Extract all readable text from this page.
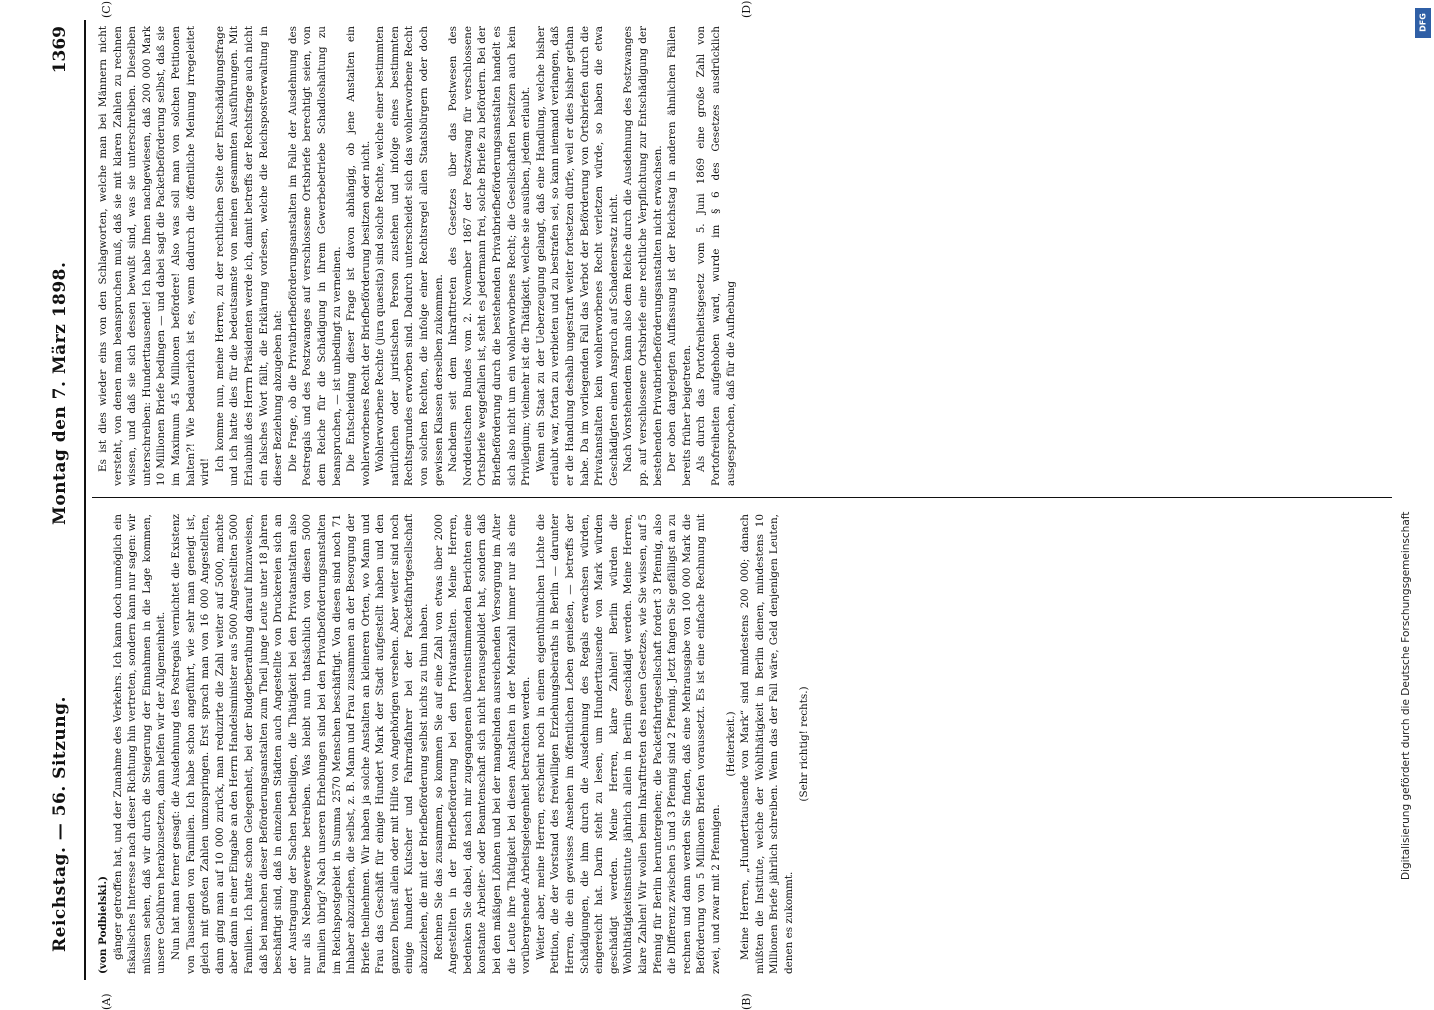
Reichstag. — 56. Sitzung.
Montag den 7. März 1898.
1369
(A)	(B)
(C)	(D)

(von Podbielski.) gänger getroffen hat, und der Zunahme des Verkehrs. Ich kann doch unmöglich ein fiskalisches Interesse nach dieser Richtung hin vertreten, sondern kann nur sagen: wir müssen sehen, daß wir durch die Steigerung der Einnahmen in die Lage kommen, unsere Gebühren herabzusetzen, dann helfen wir der Allgemeinheit. Nun hat man ferner gesagt: die Ausdehnung des Postregals vernichtet die Existenz von Tausenden von Familien. Ich habe schon angeführt, wie sehr man geneigt ist, gleich mit großen Zahlen umzuspringen. Erst sprach man von 16 000 Angestellten, dann ging man auf 10 000 zurück, man reduzirte die Zahl weiter auf 5000, machte aber dann in einer Eingabe an den Herrn Handelsminister aus 5000 Angestellten 5000 Familien. Ich hatte schon Gelegenheit, bei der Budgetberathung darauf hinzuweisen, daß bei manchen dieser Beförderungsanstalten zum Theil junge Leute unter 18 Jahren beschäftigt sind, daß in einzelnen Städten auch Angestellte von Druckereien sich an der Austragung der Sachen betheiligen, die Thätigkeit bei den Privatanstalten also nur als Nebengewerbe betreiben. Was bleibt nun thatsächlich von diesen 5000 Familien übrig? Nach unseren Erhebungen sind bei den Privatbeförderungsanstalten im Reichspostgebiet in Summa 2570 Menschen beschäftigt. Von diesen sind noch 71 Inhaber abzuziehen, die selbst, z. B. Mann und Frau zusammen an der Besorgung der Briefe theilnehmen. Wir haben ja solche Anstalten an kleineren Orten, wo Mann und Frau das Geschäft für einige Hundert Mark der Stadt aufgestellt haben und den ganzen Dienst allein oder mit Hilfe von Angehörigen versehen. Aber weiter sind noch einige hundert Kutscher und Fahrradfahrer bei der Packetfahrtgesellschaft abzuziehen, die mit der Briefbeförderung selbst nichts zu thun haben. Rechnen Sie das zusammen, so kommen Sie auf eine Zahl von etwas über 2000 Angestellten in der Briefbeförderung bei den Privatanstalten. Meine Herren, bedenken Sie dabei, daß nach mir zugegangenen übereinstimmenden Berichten eine konstante Arbeiter- oder Beamtenschaft sich nicht herausgebildet hat, sondern daß bei den mäßigen Löhnen und bei der mangelnden ausreichenden Versorgung im Alter die Leute ihre Thätigkeit bei diesen Anstalten in der Mehrzahl immer nur als eine vorübergehende Arbeitsgelegenheit betrachten werden. Weiter aber, meine Herren, erscheint noch in einem eigenthümlichen Lichte die Petition, die der Vorstand des freiwilligen Erziehungsbeiraths in Berlin — darunter Herren, die ein gewisses Ansehen im öffentlichen Leben genießen, — betreffs der Schädigungen, die ihm durch die Ausdehnung des Regals erwachsen würden, eingereicht hat. Darin steht zu lesen, um Hunderttausende von Mark würden geschädigt werden. Meine Herren, klare Zahlen! Berlin würden die Wohlthätigkeitsinstitute jährlich allein in Berlin geschädigt werden. Meine Herren, klare Zahlen! Wir wollen beim Inkrafttreten des neuen Gesetzes, wie Sie wissen, auf 5 Pfennig für Berlin heruntergehen; die Packetfahrtgesellschaft fordert 3 Pfennig, also die Differenz zwischen 5 und 3 Pfennig sind 2 Pfennig. Jetzt fangen Sie gefälligst an zu rechnen und dann werden Sie finden, daß eine Mehrausgabe von 100 000 Mark die Beförderung von 5 Millionen Briefen voraussetzt. Es ist eine einfache Rechnung mit zwei, und zwar mit 2 Pfennigen.

(Heiterkeit.) Meine Herren, „Hunderttausende von Mark“ sind mindestens 200 000; danach müßten die Institute, welche der Wohlthätigkeit in Berlin dienen, mindestens 10 Millionen Briefe jährlich schreiben. Wenn das der Fall wäre, Geld denjenigen Leuten, denen es zukommt.

(Sehr richtig! rechts.)

Es ist dies wieder eins von den Schlagworten, welche man bei Männern nicht versteht, von denen man beanspruchen muß, daß sie mit klaren Zahlen zu rechnen wissen, und daß sie sich dessen bewußt sind, was sie unterschreiben. Dieselben unterschreiben: Hunderttausende! Ich habe Ihnen nachgewiesen, daß 200 000 Mark 10 Millionen Briefe bedingen — und dabei sagt die Packetbeförderung selbst, daß sie im Maximum 45 Millionen befördere! Also was soll man von solchen Petitionen halten?! Wie bedauerlich ist es, wenn dadurch die öffentliche Meinung irregeleitet wird! Ich komme nun, meine Herren, zu der rechtlichen Seite der Entschädigungsfrage und ich hatte dies für die bedeutsamste von meinen gesammten Ausführungen. Mit Erlaubniß des Herrn Präsidenten werde ich, damit betreffs der Rechtsfrage auch nicht ein falsches Wort fällt, die Erklärung vorlesen, welche die Reichspostverwaltung in dieser Beziehung abzugeben hat: Die Frage, ob die Privatbriefbeförderungsanstalten im Falle der Ausdehnung des Postregals und des Postzwanges auf verschlossene Ortsbriefe berechtigt seien, von dem Reiche für die Schädigung in ihrem Gewerbebetriebe Schadloshaltung zu beanspruchen, — ist unbedingt zu verneinen. Die Entscheidung dieser Frage ist davon abhängig, ob jene Anstalten ein wohlerworbenes Recht der Briefbeförderung besitzen oder nicht. Wohlerworbene Rechte (jura quaesita) sind solche Rechte, welche einer bestimmten natürlichen oder juristischen Person zustehen und infolge eines bestimmten Rechtsgrundes erworben sind. Dadurch unterscheidet sich das wohlerworbene Recht von solchen Rechten, die infolge einer Rechtsregel allen Staatsbürgern oder doch gewissen Klassen derselben zukommen. Nachdem seit dem Inkrafttreten des Gesetzes über das Postwesen des Norddeutschen Bundes vom 2. November 1867 der Postzwang für verschlossene Ortsbriefe weggefallen ist, steht es jedermann frei, solche Briefe zu befördern. Bei der Briefbeförderung durch die bestehenden Privatbriefbeförderungsanstalten handelt es sich also nicht um ein wohlerworbenes Recht; die Gesellschaften besitzen auch kein Privilegium; vielmehr ist die Thätigkeit, welche sie ausüben, jedem erlaubt. Wenn ein Staat zu der Ueberzeugung gelangt, daß eine Handlung, welche bisher erlaubt war, fortan zu verbieten und zu bestrafen sei, so kann niemand verlangen, daß er die Handlung deshalb ungestraft weiter fortsetzen dürfe, weil er dies bisher gethan habe. Da im vorliegenden Fall das Verbot der Beförderung von Ortsbriefen durch die Privatanstalten kein wohlerworbenes Recht verletzen würde, so haben die etwa Geschädigten einen Anspruch auf Schadenersatz nicht. Nach Vorstehendem kann also dem Reiche durch die Ausdehnung des Postzwanges pp. auf verschlossene Ortsbriefe eine rechtliche Verpflichtung zur Entschädigung der bestehenden Privatbriefbeförderungsanstalten nicht erwachsen. Der oben dargelegten Auffassung ist der Reichstag in anderen ähnlichen Fällen bereits früher beigetreten. Als durch das Portofreiheitsgesetz vom 5. Juni 1869 eine große Zahl von Portofreiheiten aufgehoben ward, wurde im § 6 des Gesetzes ausdrücklich ausgesprochen, daß für die Aufhebung

DFG
Digitalisierung gefördert durch die Deutsche Forschungsgemeinschaft
